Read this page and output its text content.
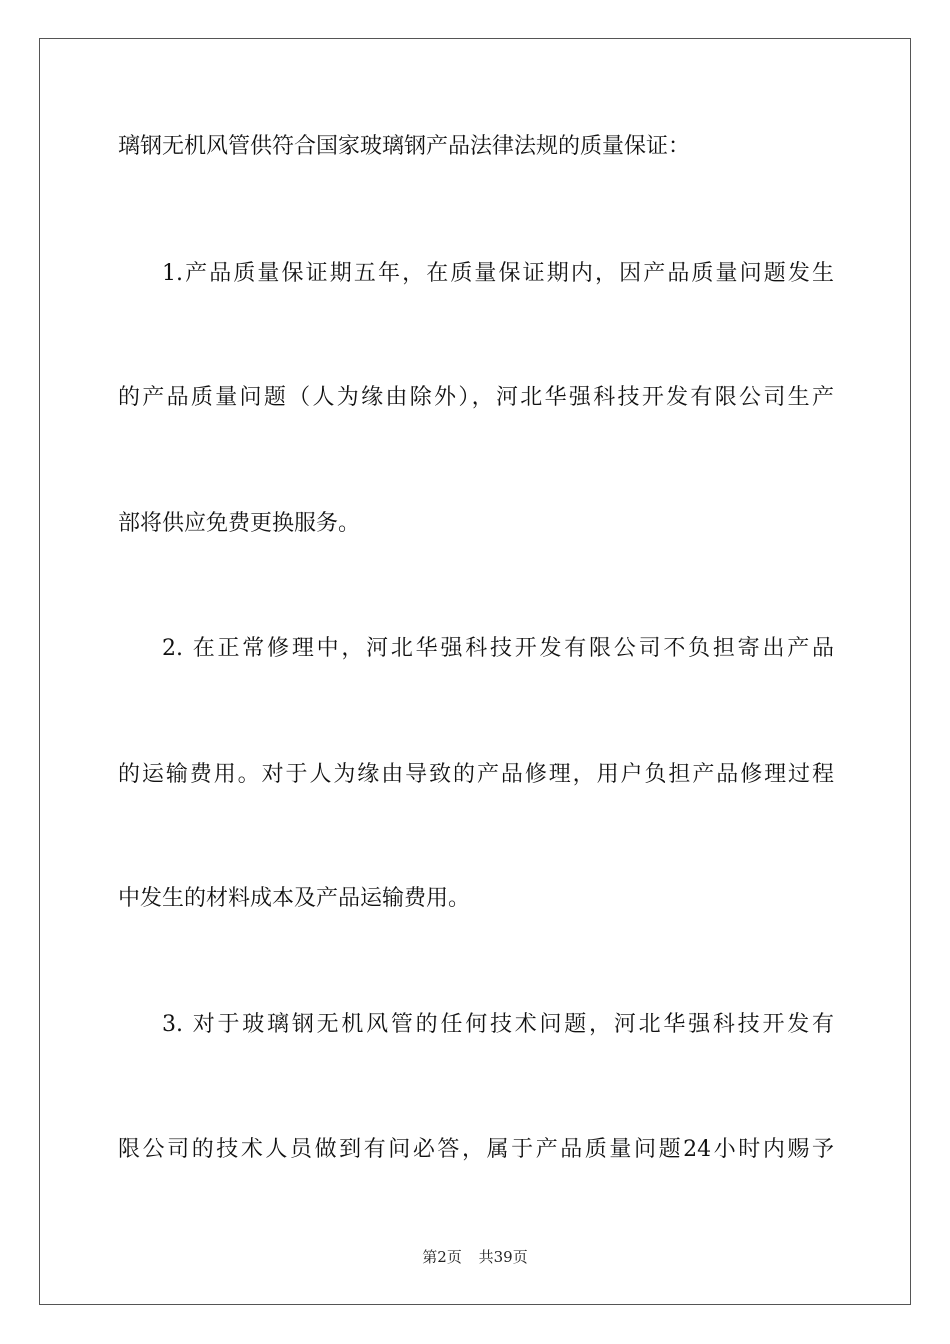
璃钢无机风管供符合国家玻璃钢产品法律法规的质量保证：
1.产品质量保证期五年，在质量保证期内，因产品质量问题发生
的产品质量问题（人为缘由除外），河北华强科技开发有限公司生产
部将供应免费更换服务。
2. 在正常修理中，河北华强科技开发有限公司不负担寄出产品
的运输费用。对于人为缘由导致的产品修理，用户负担产品修理过程
中发生的材料成本及产品运输费用。
3. 对于玻璃钢无机风管的任何技术问题，河北华强科技开发有
限公司的技术人员做到有问必答，属于产品质量问题24小时内赐予
第2页 共39页
